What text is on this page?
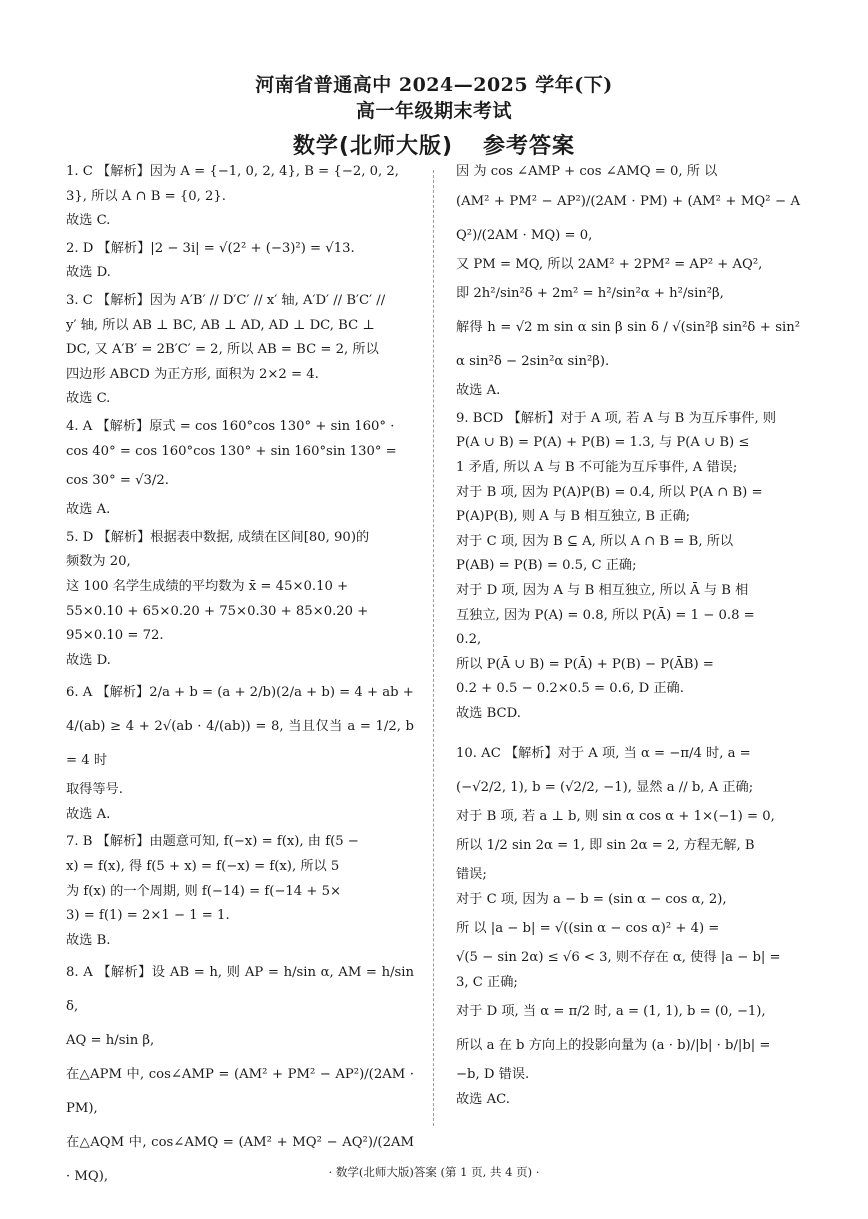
河南省普通高中 2024—2025 学年(下)
高一年级期末考试
数学(北师大版) 参考答案
1. C 【解析】因为 A = {−1, 0, 2, 4}, B = {−2, 0, 2,
3}, 所以 A ∩ B = {0, 2}.
故选 C.
2. D 【解析】|2 − 3i| = √(2² + (−3)²) = √13.
故选 D.
3. C 【解析】因为 A′B′ // D′C′ // x′ 轴, A′D′ // B′C′ //
y′ 轴, 所以 AB ⊥ BC, AB ⊥ AD, AD ⊥ DC, BC ⊥
DC, 又 A′B′ = 2B′C′ = 2, 所以 AB = BC = 2, 所以
四边形 ABCD 为正方形, 面积为 2×2 = 4.
故选 C.
4. A 【解析】原式 = cos 160°cos 130° + sin 160° ·
cos 40° = cos 160°cos 130° + sin 160°sin 130° =
cos 30° = √3/2.
故选 A.
5. D 【解析】根据表中数据, 成绩在区间[80, 90)的
频数为 20,
这 100 名学生成绩的平均数为 x̄ = 45×0.10 +
55×0.10 + 65×0.20 + 75×0.30 + 85×0.20 +
95×0.10 = 72.
故选 D.
6. A 【解析】2/a + b = (a + 2/b)(2/a + b) = 4 + ab +
4/(ab) ≥ 4 + 2√(ab · 4/(ab)) = 8, 当且仅当 a = 1/2, b = 4 时
取得等号.
故选 A.
7. B 【解析】由题意可知, f(−x) = f(x), 由 f(5 −
x) = f(x), 得 f(5 + x) = f(−x) = f(x), 所以 5
为 f(x) 的一个周期, 则 f(−14) = f(−14 + 5×
3) = f(1) = 2×1 − 1 = 1.
故选 B.
8. A 【解析】设 AB = h, 则 AP = h/sin α, AM = h/sin δ,
AQ = h/sin β,
在△APM 中, cos∠AMP = (AM² + PM² − AP²)/(2AM · PM),
在△AQM 中, cos∠AMQ = (AM² + MQ² − AQ²)/(2AM · MQ),
因 为 cos ∠AMP + cos ∠AMQ = 0, 所 以
(AM² + PM² − AP²)/(2AM · PM) + (AM² + MQ² − AQ²)/(2AM · MQ) = 0,
又 PM = MQ, 所以 2AM² + 2PM² = AP² + AQ²,
即 2h²/sin²δ + 2m² = h²/sin²α + h²/sin²β,
解得 h = √2 m sin α sin β sin δ / √(sin²β sin²δ + sin²α sin²δ − 2sin²α sin²β).
故选 A.
9. BCD 【解析】对于 A 项, 若 A 与 B 为互斥事件, 则
P(A ∪ B) = P(A) + P(B) = 1.3, 与 P(A ∪ B) ≤
1 矛盾, 所以 A 与 B 不可能为互斥事件, A 错误;
对于 B 项, 因为 P(A)P(B) = 0.4, 所以 P(A ∩ B) =
P(A)P(B), 则 A 与 B 相互独立, B 正确;
对于 C 项, 因为 B ⊆ A, 所以 A ∩ B = B, 所以
P(AB) = P(B) = 0.5, C 正确;
对于 D 项, 因为 A 与 B 相互独立, 所以 Ā 与 B 相
互独立, 因为 P(A) = 0.8, 所以 P(Ā) = 1 − 0.8 =
0.2,
所以 P(Ā ∪ B) = P(Ā) + P(B) − P(ĀB) =
0.2 + 0.5 − 0.2×0.5 = 0.6, D 正确.
故选 BCD.
10. AC 【解析】对于 A 项, 当 α = −π/4 时, a =
(−√2/2, 1), b = (√2/2, −1), 显然 a // b, A 正确;
对于 B 项, 若 a ⊥ b, 则 sin α cos α + 1×(−1) = 0,
所以 1/2 sin 2α = 1, 即 sin 2α = 2, 方程无解, B
错误;
对于 C 项, 因为 a − b = (sin α − cos α, 2),
所 以 |a − b| = √((sin α − cos α)² + 4) =
√(5 − sin 2α) ≤ √6 < 3, 则不存在 α, 使得 |a − b| =
3, C 正确;
对于 D 项, 当 α = π/2 时, a = (1, 1), b = (0, −1),
所以 a 在 b 方向上的投影向量为 (a · b)/|b| · b/|b| =
−b, D 错误.
故选 AC.
· 数学(北师大版)答案 (第 1 页, 共 4 页) ·
